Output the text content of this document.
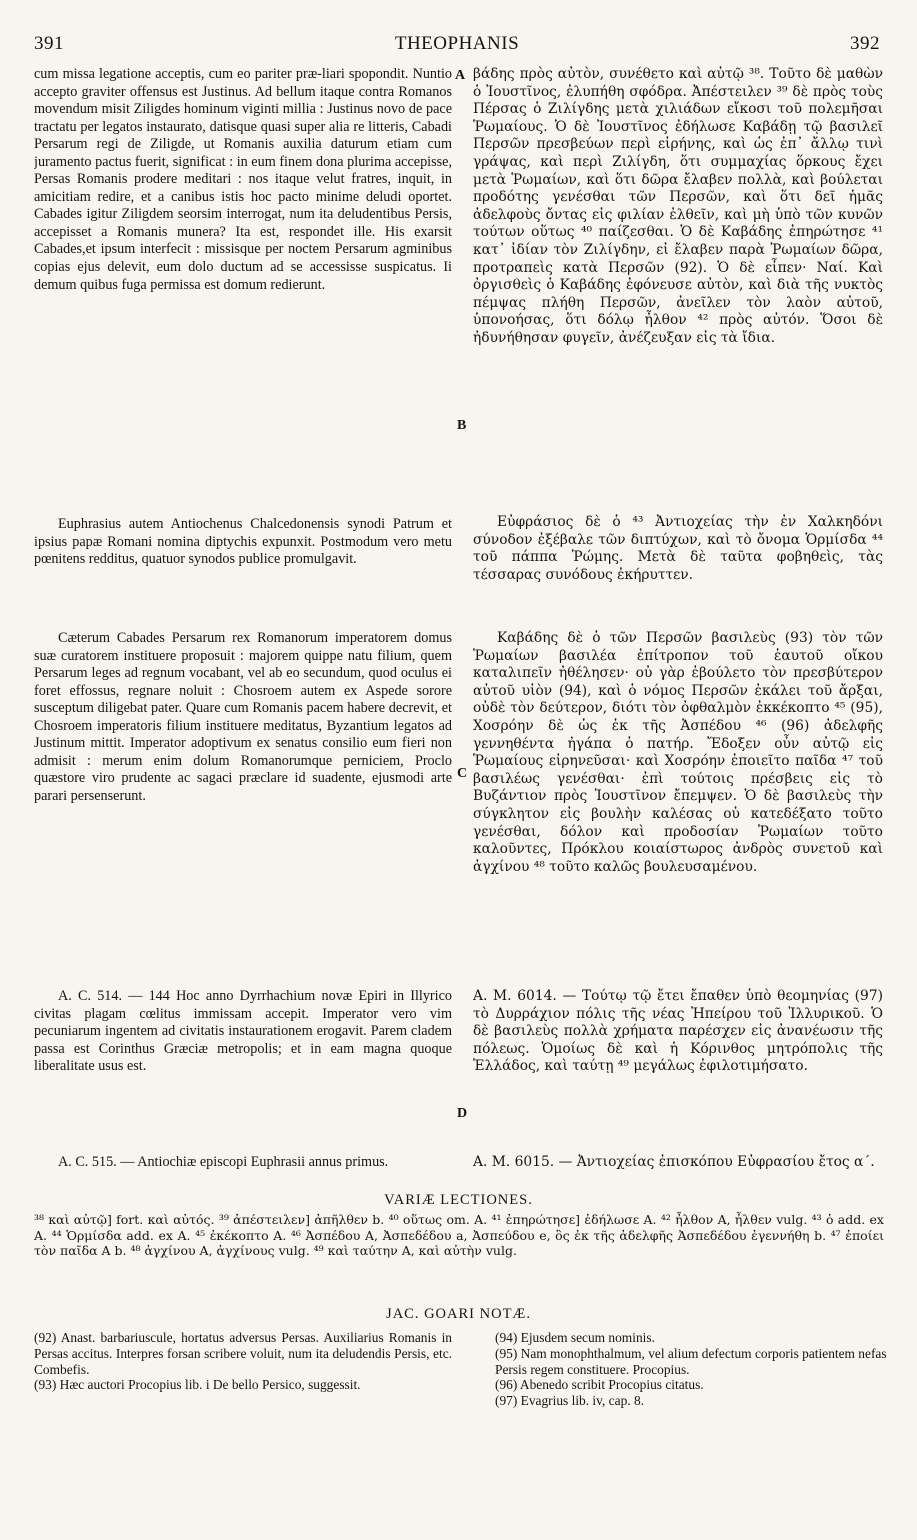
391	THEOPHANIS	392

cum missa legatione acceptis, cum eo pariter præ-liari spopondit. Nuntio accepto graviter offensus est Justinus. Ad bellum itaque contra Romanos movendum misit Ziligdes hominum viginti millia : Justinus novo de pace tractatu per legatos instaurato, datisque quasi super alia re litteris, Cabadi Persarum regi de Ziligde, ut Romanis auxilia daturum etiam cum juramento pactus fuerit, significat : in eum finem dona plurima accepisse, Persas Romanis prodere meditari : nos itaque velut fratres, inquit, in amicitiam redire, et a canibus istis hoc pacto minime deludi oportet. Cabades igitur Ziligdem seorsim interrogat, num ita deludentibus Persis, accepisset a Romanis munera? Ita est, respondet ille. His exarsit Cabades,et ipsum interfecit : missisque per noctem Persarum agminibus copias ejus delevit, eum dolo ductum ad se accessisse suspicatus. Ii demum quibus fuga permissa est domum redierunt.

Euphrasius autem Antiochenus Chalcedonensis synodi Patrum et ipsius papæ Romani nomina diptychis expunxit. Postmodum vero metu pœnitens redditus, quatuor synodos publice promulgavit.

Cæterum Cabades Persarum rex Romanorum imperatorem domus suæ curatorem instituere proposuit : majorem quippe natu filium, quem Persarum leges ad regnum vocabant, vel ab eo secundum, quod oculus ei foret effossus, regnare noluit : Chosroem autem ex Aspede sorore susceptum diligebat pater. Quare cum Romanis pacem habere decrevit, et Chosroem imperatoris filium instituere meditatus, Byzantium legatos ad Justinum mittit. Imperator adoptivum ex senatus consilio eum fieri non admisit : merum enim dolum Romanorumque perniciem, Proclo quæstore viro prudente ac sagaci præclare id suadente, ejusmodi arte parari persenserunt.

A. C. 514. — 144 Hoc anno Dyrrhachium novæ Epiri in Illyrico civitas plagam cœlitus immissam accepit. Imperator vero vim pecuniarum ingentem ad civitatis instaurationem erogavit. Parem cladem passa est Corinthus Græciæ metropolis; et in eam magna quoque liberalitate usus est.

A. C. 515. — Antiochiæ episcopi Euphrasii annus primus.

A
B
C
D

βάδης πρὸς αὐτὸν, συνέθετο καὶ αὐτῷ ³⁸. Τοῦτο δὲ μαθὼν ὁ Ἰουστῖνος, ἐλυπήθη σφόδρα. Ἀπέστειλεν ³⁹ δὲ πρὸς τοὺς Πέρσας ὁ Ζιλίγδης μετὰ χιλιάδων εἴκοσι τοῦ πολεμῆσαι Ῥωμαίους. Ὁ δὲ Ἰουστῖνος ἐδήλωσε Καβάδῃ τῷ βασιλεῖ Περσῶν πρεσβεύων περὶ εἰρήνης, καὶ ὡς ἐπ᾽ ἄλλῳ τινὶ γράψας, καὶ περὶ Ζιλίγδη, ὅτι συμμαχίας ὅρκους ἔχει μετὰ Ῥωμαίων, καὶ ὅτι δῶρα ἔλαβεν πολλὰ, καὶ βούλεται προδότης γενέσθαι τῶν Περσῶν, καὶ ὅτι δεῖ ἡμᾶς ἀδελφοὺς ὄντας εἰς φιλίαν ἐλθεῖν, καὶ μὴ ὑπὸ τῶν κυνῶν τούτων οὕτως ⁴⁰ παίζεσθαι. Ὁ δὲ Καβάδης ἐπηρώτησε ⁴¹ κατ᾽ ἰδίαν τὸν Ζιλίγδην, εἰ ἔλαβεν παρὰ Ῥωμαίων δῶρα, προτραπεὶς κατὰ Περσῶν (92). Ὁ δὲ εἶπεν· Ναί. Καὶ ὀργισθεὶς ὁ Καβάδης ἐφόνευσε αὐτὸν, καὶ διὰ τῆς νυκτὸς πέμψας πλήθη Περσῶν, ἀνεῖλεν τὸν λαὸν αὐτοῦ, ὑπονοήσας, ὅτι δόλῳ ἦλθον ⁴² πρὸς αὐτόν. Ὅσοι δὲ ἠδυνήθησαν φυγεῖν, ἀνέζευξαν εἰς τὰ ἴδια.

Εὐφράσιος δὲ ὁ ⁴³ Ἀντιοχείας τὴν ἐν Χαλκηδόνι σύνοδον ἐξέβαλε τῶν διπτύχων, καὶ τὸ ὄνομα Ὁρμίσδα ⁴⁴ τοῦ πάππα Ῥώμης. Μετὰ δὲ ταῦτα φοβηθεὶς, τὰς τέσσαρας συνόδους ἐκήρυττεν.

Καβάδης δὲ ὁ τῶν Περσῶν βασιλεὺς (93) τὸν τῶν Ῥωμαίων βασιλέα ἐπίτροπον τοῦ ἑαυτοῦ οἴκου καταλιπεῖν ἠθέλησεν· οὐ γὰρ ἐβούλετο τὸν πρεσβύτερον αὐτοῦ υἱὸν (94), καὶ ὁ νόμος Περσῶν ἐκάλει τοῦ ἄρξαι, οὐδὲ τὸν δεύτερον, διότι τὸν ὀφθαλμὸν ἐκκέκοπτο ⁴⁵ (95), Χοσρόην δὲ ὡς ἐκ τῆς Ἀσπέδου ⁴⁶ (96) ἀδελφῆς γεννηθέντα ἠγάπα ὁ πατήρ. Ἔδοξεν οὖν αὐτῷ εἰς Ῥωμαίους εἰρηνεῦσαι· καὶ Χοσρόην ἐποιεῖτο παῖδα ⁴⁷ τοῦ βασιλέως γενέσθαι· ἐπὶ τούτοις πρέσβεις εἰς τὸ Βυζάντιον πρὸς Ἰουστῖνον ἔπεμψεν. Ὁ δὲ βασιλεὺς τὴν σύγκλητον εἰς βουλὴν καλέσας οὐ κατεδέξατο τοῦτο γενέσθαι, δόλον καὶ προδοσίαν Ῥωμαίων τοῦτο καλοῦντες, Πρόκλου κοιαίστωρος ἀνδρὸς συνετοῦ καὶ ἀγχίνου ⁴⁸ τοῦτο καλῶς βουλευσαμένου.

A. M. 6014. — Τούτῳ τῷ ἔτει ἔπαθεν ὑπὸ θεομηνίας (97) τὸ Δυρράχιον πόλις τῆς νέας Ἠπείρου τοῦ Ἰλλυρικοῦ. Ὁ δὲ βασιλεὺς πολλὰ χρήματα παρέσχεν εἰς ἀνανέωσιν τῆς πόλεως. Ὁμοίως δὲ καὶ ἡ Κόρινθος μητρόπολις τῆς Ἑλλάδος, καὶ ταύτῃ ⁴⁹ μεγάλως ἐφιλοτιμήσατο.

A. M. 6015. — Ἀντιοχείας ἐπισκόπου Εὐφρασίου ἔτος α΄.

VARIÆ LECTIONES.
³⁸ καὶ αὐτῷ] fort. καὶ αὐτός. ³⁹ ἀπέστειλεν] ἀπῆλθεν b. ⁴⁰ οὕτως om. A. ⁴¹ ἐπηρώτησε] ἐδήλωσε A. ⁴² ἦλθον A, ἦλθεν vulg. ⁴³ ὁ add. ex A. ⁴⁴ Ὁρμίσδα add. ex A. ⁴⁵ ἐκέκοπτο A. ⁴⁶ Ἀσπέδου A, Ἀσπεδέδου a, Ἀσπεύδου e, ὃς ἐκ τῆς ἀδελφῆς Ἀσπεδέδου ἐγεννήθη b. ⁴⁷ ἐποίει τὸν παῖδα A b. ⁴⁸ ἀγχίνου A, ἀγχίνους vulg. ⁴⁹ καὶ ταύτην A, καὶ αὐτὴν vulg.
JAC. GOARI NOTÆ.

(92) Anast. barbariuscule, hortatus adversus Persas. Auxiliarius Romanis in Persas accitus. Interpres forsan scribere voluit, num ita deludendis Persis, etc. Combefis.

(93) Hæc auctori Procopius lib. i De bello Persico, suggessit.

(94) Ejusdem secum nominis.

(95) Nam monophthalmum, vel alium defectum corporis patientem nefas Persis regem constituere. Procopius.

(96) Abenedo scribit Procopius citatus.

(97) Evagrius lib. iv, cap. 8.
